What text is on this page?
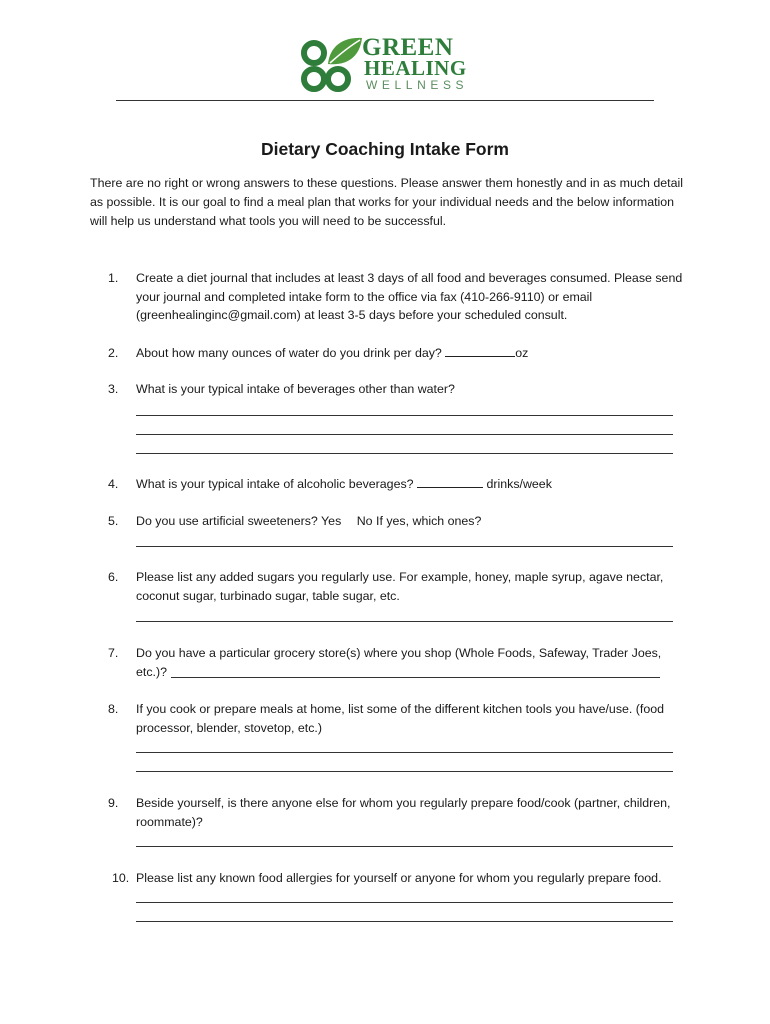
GREEN
HEALING
WELLNESS
Dietary Coaching Intake Form
There are no right or wrong answers to these questions. Please answer them honestly and in as much detail as possible. It is our goal to find a meal plan that works for your individual needs and the below information will help us understand what tools you will need to be successful.
1.	Create a diet journal that includes at least 3 days of all food and beverages consumed. Please send your journal and completed intake form to the office via fax (410-266-9110) or email (greenhealinginc@gmail.com) at least 3-5 days before your scheduled consult.
2.	About how many ounces of water do you drink per day?	oz
3.	What is your typical intake of beverages other than water?
4.	What is your typical intake of alcoholic beverages?	drinks/week
5.	Do you use artificial sweeteners? Yes No If yes, which ones?
6.	Please list any added sugars you regularly use. For example, honey, maple syrup, agave nectar, coconut sugar, turbinado sugar, table sugar, etc.
7.	Do you have a particular grocery store(s) where you shop (Whole Foods, Safeway, Trader Joes, etc.)?
8.	If you cook or prepare meals at home, list some of the different kitchen tools you have/use. (food processor, blender, stovetop, etc.)
9.	Beside yourself, is there anyone else for whom you regularly prepare food/cook (partner, children, roommate)?
10. Please list any known food allergies for yourself or anyone for whom you regularly prepare food.
